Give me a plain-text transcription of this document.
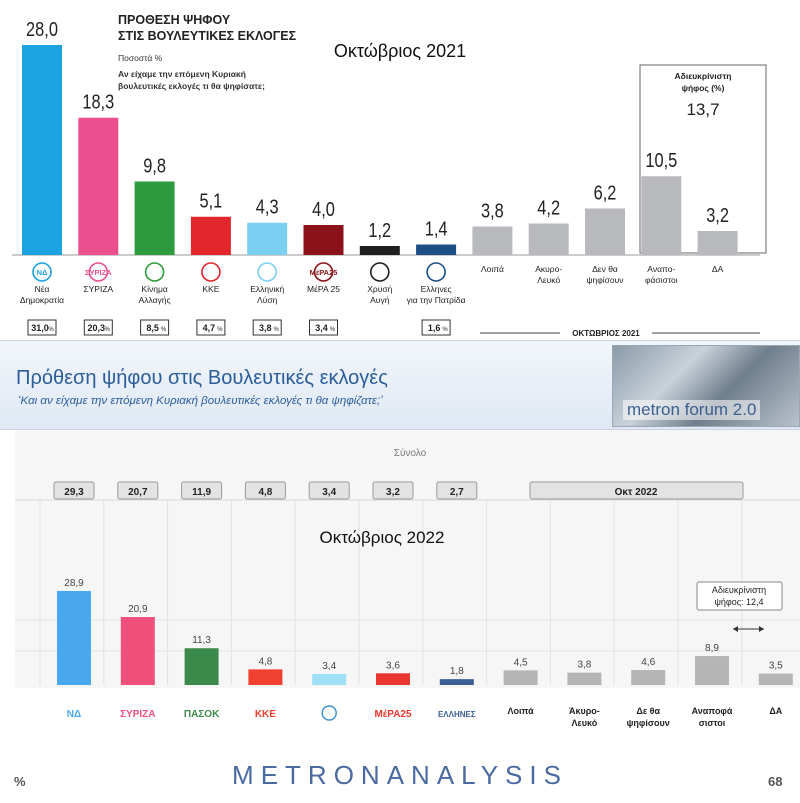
ΠΡΟΘΕΣΗ ΨΗΦΟΥ
ΣΤΙΣ ΒΟΥΛΕΥΤΙΚΕΣ ΕΚΛΟΓΕΣ
Ποσοστά %
Αν είχαμε την επόμενη Κυριακή
βουλευτικές εκλογές τι θα ψηφίσατε;
Οκτώβριος 2021
Αδιευκρίνιστη
ψήφος (%)
13,7
28,0
ΝΔ
Νέα
Δημοκρατία
31,0 %
18,3
ΣΥΡΙΖΑ
ΣΥΡΙΖΑ
20,3 %
9,8
Κίνημα
Αλλαγής
8,5 %
5,1
ΚΚΕ
4,7 %
4,3
Ελληνική
Λύση
3,8 %
4,0
ΜέΡΑ25
ΜέΡΑ 25
3,4 %
1,2
Χρυσή
Αυγή
1,4
Ελληνες
για την Πατρίδα
1,6 %
3,8
Λοιπά
4,2
Ακυρο-
Λευκό
6,2
Δεν θα
ψηφίσουν
10,5
Αναπο-
φάσιστοι
3,2
ΔΑ
ΟΚΤΩΒΡΙΟΣ 2021
Πρόθεση ψήφου στις Βουλευτικές εκλογές
‘Και αν είχαμε την επόμενη Κυριακή βουλευτικές εκλογές τι θα ψηφίζατε;’	metron forum 2.0
Σύνολο
Οκτώβριος 2022
29,3	20,7	11,9	4,8	3,4	3,2	2,7	Οκτ 2022
Αδιευκρίνιστη
ψήφος: 12,4
28,9
ΝΔ
20,9
ΣΥΡΙΖΑ
11,3
ΠΑΣΟΚ
4,8
ΚΚΕ
3,4	3,6
ΜέΡΑ25
1,8
ΕΛΛΗΝΕΣ
4,5
Λοιπά
3,8
Άκυρο-
Λευκό
4,6
Δε θα
ψηφίσουν
8,9
Αναποφά
σιστοι
3,5
ΔΑ
%	METRONANALYSIS	68
